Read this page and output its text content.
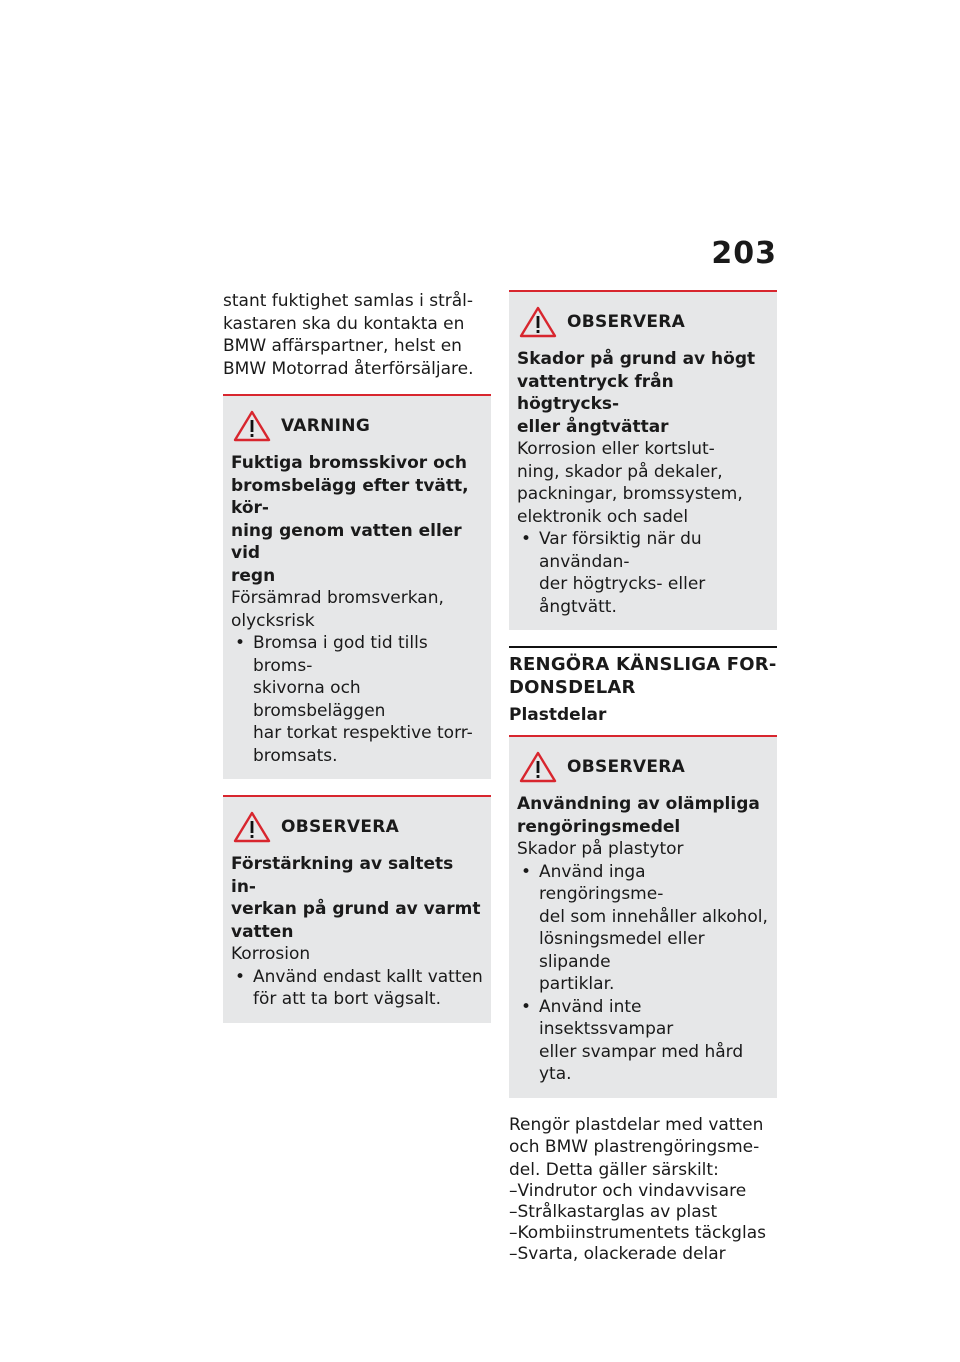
203

stant fuktighet samlas i strål-
kastaren ska du kontakta en
BMW affärspartner, helst en
BMW Motorrad återförsäljare.

VARNING

Fuktiga bromsskivor och
bromsbelägg efter tvätt, kör-
ning genom vatten eller vid
regn

Försämrad bromsverkan,
olycksrisk

• Bromsa i god tid tills broms-
skivorna och bromsbeläggen
har torkat respektive torr-
bromsats.
OBSERVERA

Förstärkning av saltets in-
verkan på grund av varmt
vatten

Korrosion

• Använd endast kallt vatten
för att ta bort vägsalt.
OBSERVERA

Skador på grund av högt
vattentryck från högtrycks-
eller ångtvättar

Korrosion eller kortslut-
ning, skador på dekaler,
packningar, bromssystem,
elektronik och sadel

• Var försiktig när du användan-
der högtrycks- eller ångtvätt.
RENGÖRA KÄNSLIGA FOR-
DONSDELAR
Plastdelar
OBSERVERA

Användning av olämpliga
rengöringsmedel

Skador på plastytor

• Använd inga rengöringsme-
del som innehåller alkohol,
lösningsmedel eller slipande
partiklar.
• Använd inte insektssvampar
eller svampar med hård yta.

Rengör plastdelar med vatten
och BMW plastrengöringsme-
del. Detta gäller särskilt:

– Vindrutor och vindavvisare
– Strålkastarglas av plast
– Kombiinstrumentets täckglas
– Svarta, olackerade delar
